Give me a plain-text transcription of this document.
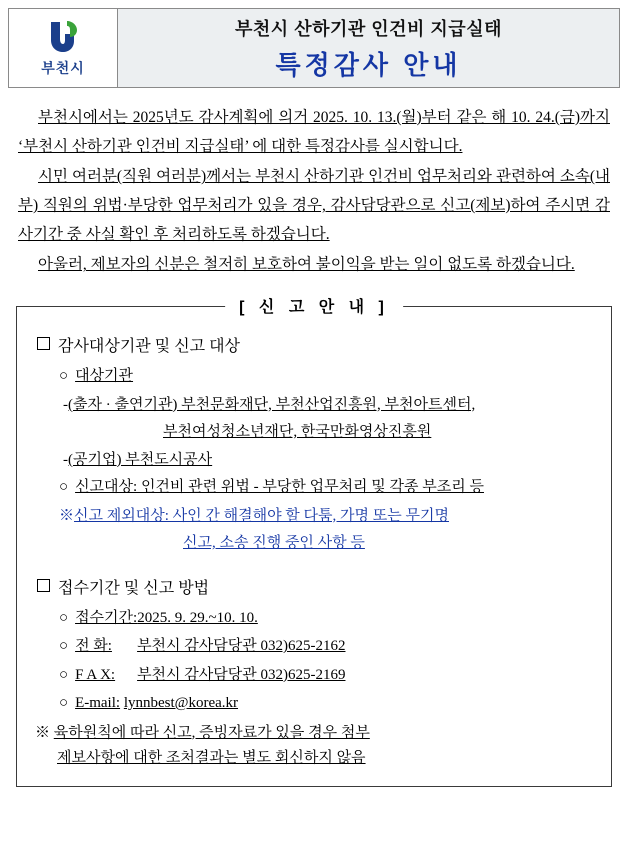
부천시
부천시 산하기관 인건비 지급실태
특정감사 안내

부천시에서는 2025년도 감사계획에 의거 2025. 10. 13.(월)부터 같은 해 10. 24.(금)까지 ‘부천시 산하기관 인건비 지급실태’ 에 대한 특정감사를 실시합니다.

시민 여러분(직원 여러분)께서는 부천시 산하기관 인건비 업무처리와 관련하여 소속(내부) 직원의 위법·부당한 업무처리가 있을 경우, 감사담당관으로 신고(제보)하여 주시면 감사기간 중 사실 확인 후 처리하도록 하겠습니다.

아울러, 제보자의 신분은 철저히 보호하여 불이익을 받는 일이 없도록 하겠습니다.

[ 신 고 안 내 ]
감사대상기관 및 신고 대상
○ 대상기관
-(출자 · 출연기관) 부천문화재단, 부천산업진흥원, 부천아트센터,
부천여성청소년재단, 한국만화영상진흥원
-(공기업) 부천도시공사
○ 신고대상: 인건비 관련 위법 - 부당한 업무처리 및 각종 부조리 등
※신고 제외대상: 사인 간 해결해야 할 다툼, 가명 또는 무기명
신고, 소송 진행 중인 사항 등
접수기간 및 신고 방법
○ 접수기간:2025. 9. 29.~10. 10.
○ 전 화: 부천시 감사담당관 032)625-2162
○ F A X: 부천시 감사담당관 032)625-2169
○ E-mail: lynnbest@korea.kr
※ 육하원칙에 따라 신고, 증빙자료가 있을 경우 첨부
제보사항에 대한 조처결과는 별도 회신하지 않음
